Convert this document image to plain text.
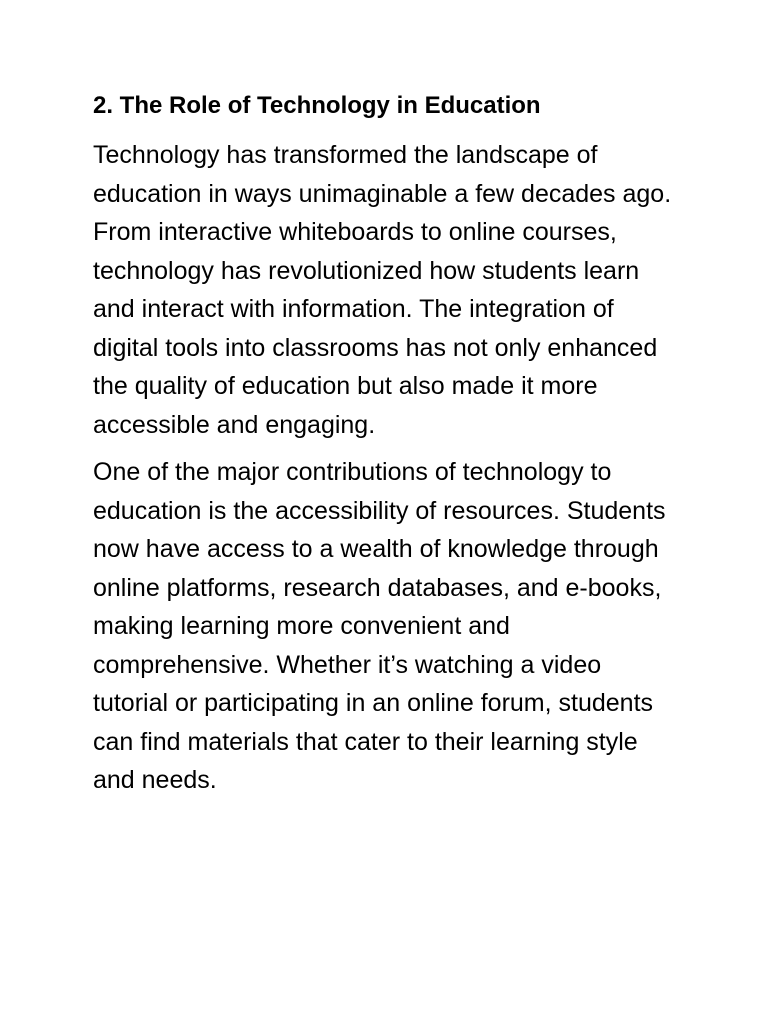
2. The Role of Technology in Education

Technology has transformed the landscape of education in ways unimaginable a few decades ago. From interactive whiteboards to online courses, technology has revolutionized how students learn and interact with information. The integration of digital tools into classrooms has not only enhanced the quality of education but also made it more accessible and engaging.

One of the major contributions of technology to education is the accessibility of resources. Students now have access to a wealth of knowledge through online platforms, research databases, and e-books, making learning more convenient and comprehensive. Whether it’s watching a video tutorial or participating in an online forum, students can find materials that cater to their learning style and needs.
